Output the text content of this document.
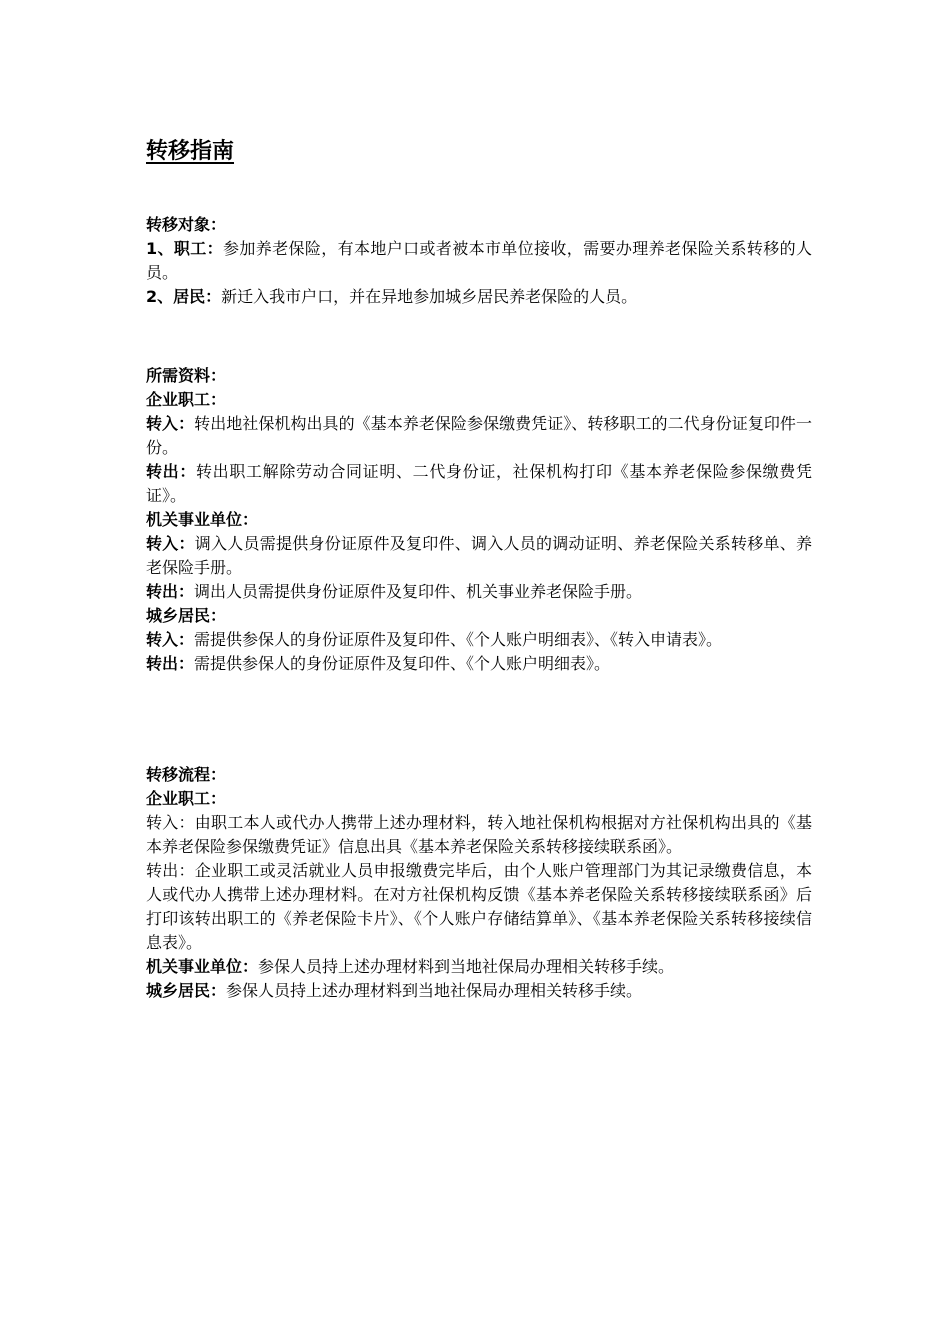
转移指南

转移对象：

1、职工：参加养老保险，有本地户口或者被本市单位接收，需要办理养老保险关系转移的人员。

2、居民：新迁入我市户口，并在异地参加城乡居民养老保险的人员。

所需资料：

企业职工：

转入：转出地社保机构出具的《基本养老保险参保缴费凭证》、转移职工的二代身份证复印件一份。

转出：转出职工解除劳动合同证明、二代身份证，社保机构打印《基本养老保险参保缴费凭证》。

机关事业单位：

转入：调入人员需提供身份证原件及复印件、调入人员的调动证明、养老保险关系转移单、养老保险手册。

转出：调出人员需提供身份证原件及复印件、机关事业养老保险手册。

城乡居民：

转入：需提供参保人的身份证原件及复印件、《个人账户明细表》、《转入申请表》。

转出：需提供参保人的身份证原件及复印件、《个人账户明细表》。

转移流程：

企业职工：

转入：由职工本人或代办人携带上述办理材料，转入地社保机构根据对方社保机构出具的《基本养老保险参保缴费凭证》信息出具《基本养老保险关系转移接续联系函》。

转出：企业职工或灵活就业人员申报缴费完毕后，由个人账户管理部门为其记录缴费信息，本人或代办人携带上述办理材料。在对方社保机构反馈《基本养老保险关系转移接续联系函》后打印该转出职工的《养老保险卡片》、《个人账户存储结算单》、《基本养老保险关系转移接续信息表》。

机关事业单位：参保人员持上述办理材料到当地社保局办理相关转移手续。

城乡居民：参保人员持上述办理材料到当地社保局办理相关转移手续。
